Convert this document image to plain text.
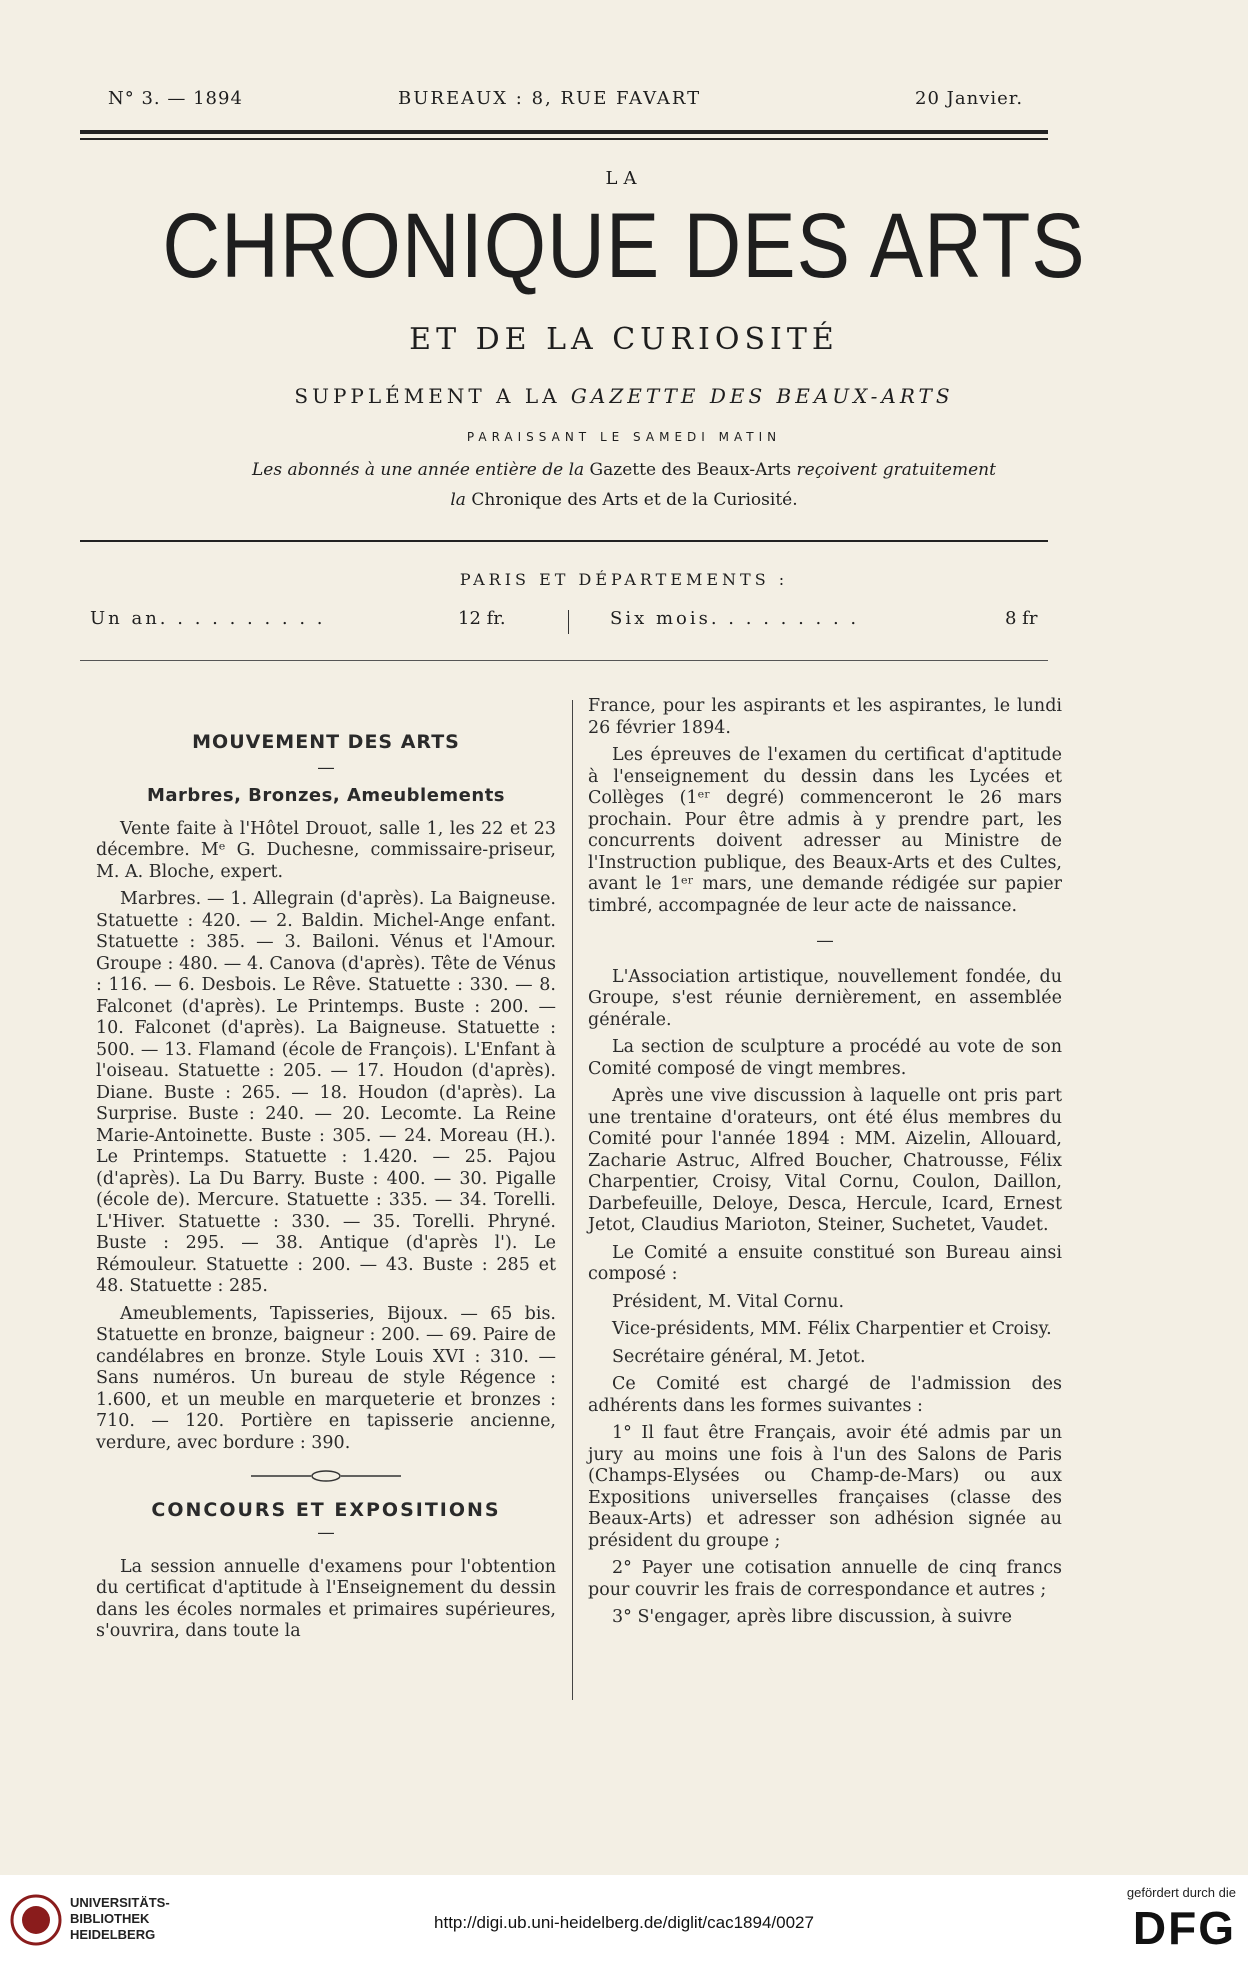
N° 3. — 1894	BUREAUX : 8, RUE FAVART	20 Janvier.
LA
CHRONIQUE DES ARTS
ET DE LA CURIOSITÉ
SUPPLÉMENT A LA GAZETTE DES BEAUX-ARTS
PARAISSANT LE SAMEDI MATIN
Les abonnés à une année entière de la Gazette des Beaux-Arts reçoivent gratuitement
la Chronique des Arts et de la Curiosité.
PARIS ET DÉPARTEMENTS :
Un an. . . . . . . . . .	12 fr.	Six mois. . . . . . . . .	8 fr
MOUVEMENT DES ARTS
—
Marbres, Bronzes, Ameublements

Vente faite à l'Hôtel Drouot, salle 1, les 22 et 23 décembre. Mᵉ G. Duchesne, commissaire-priseur, M. A. Bloche, expert.

Marbres. — 1. Allegrain (d'après). La Baigneuse. Statuette : 420. — 2. Baldin. Michel-Ange enfant. Statuette : 385. — 3. Bailoni. Vénus et l'Amour. Groupe : 480. — 4. Canova (d'après). Tête de Vénus : 116. — 6. Desbois. Le Rêve. Statuette : 330. — 8. Falconet (d'après). Le Printemps. Buste : 200. — 10. Falconet (d'après). La Baigneuse. Statuette : 500. — 13. Flamand (école de François). L'Enfant à l'oiseau. Statuette : 205. — 17. Houdon (d'après). Diane. Buste : 265. — 18. Houdon (d'après). La Surprise. Buste : 240. — 20. Lecomte. La Reine Marie-Antoinette. Buste : 305. — 24. Moreau (H.). Le Printemps. Statuette : 1.420. — 25. Pajou (d'après). La Du Barry. Buste : 400. — 30. Pigalle (école de). Mercure. Statuette : 335. — 34. Torelli. L'Hiver. Statuette : 330. — 35. Torelli. Phryné. Buste : 295. — 38. Antique (d'après l'). Le Rémouleur. Statuette : 200. — 43. Buste : 285 et 48. Statuette : 285.

Ameublements, Tapisseries, Bijoux. — 65 bis. Statuette en bronze, baigneur : 200. — 69. Paire de candélabres en bronze. Style Louis XVI : 310. — Sans numéros. Un bureau de style Régence : 1.600, et un meuble en marqueterie et bronzes : 710. — 120. Portière en tapisserie ancienne, verdure, avec bordure : 390.

CONCOURS ET EXPOSITIONS
—

La session annuelle d'examens pour l'obtention du certificat d'aptitude à l'Enseignement du dessin dans les écoles normales et primaires supérieures, s'ouvrira, dans toute la

France, pour les aspirants et les aspirantes, le lundi 26 février 1894.

Les épreuves de l'examen du certificat d'aptitude à l'enseignement du dessin dans les Lycées et Collèges (1ᵉʳ degré) commenceront le 26 mars prochain. Pour être admis à y prendre part, les concurrents doivent adresser au Ministre de l'Instruction publique, des Beaux-Arts et des Cultes, avant le 1ᵉʳ mars, une demande rédigée sur papier timbré, accompagnée de leur acte de naissance.

—

L'Association artistique, nouvellement fondée, du Groupe, s'est réunie dernièrement, en assemblée générale.

La section de sculpture a procédé au vote de son Comité composé de vingt membres.

Après une vive discussion à laquelle ont pris part une trentaine d'orateurs, ont été élus membres du Comité pour l'année 1894 : MM. Aizelin, Allouard, Zacharie Astruc, Alfred Boucher, Chatrousse, Félix Charpentier, Croisy, Vital Cornu, Coulon, Daillon, Darbefeuille, Deloye, Desca, Hercule, Icard, Ernest Jetot, Claudius Marioton, Steiner, Suchetet, Vaudet.

Le Comité a ensuite constitué son Bureau ainsi composé :

Président, M. Vital Cornu.

Vice-présidents, MM. Félix Charpentier et Croisy.

Secrétaire général, M. Jetot.

Ce Comité est chargé de l'admission des adhérents dans les formes suivantes :

1° Il faut être Français, avoir été admis par un jury au moins une fois à l'un des Salons de Paris (Champs-Elysées ou Champ-de-Mars) ou aux Expositions universelles françaises (classe des Beaux-Arts) et adresser son adhésion signée au président du groupe ;

2° Payer une cotisation annuelle de cinq francs pour couvrir les frais de correspondance et autres ;

3° S'engager, après libre discussion, à suivre

UNIVERSITÄTS-
BIBLIOTHEK
HEIDELBERG
http://digi.ub.uni-heidelberg.de/diglit/cac1894/0027
gefördert durch die
DFG
